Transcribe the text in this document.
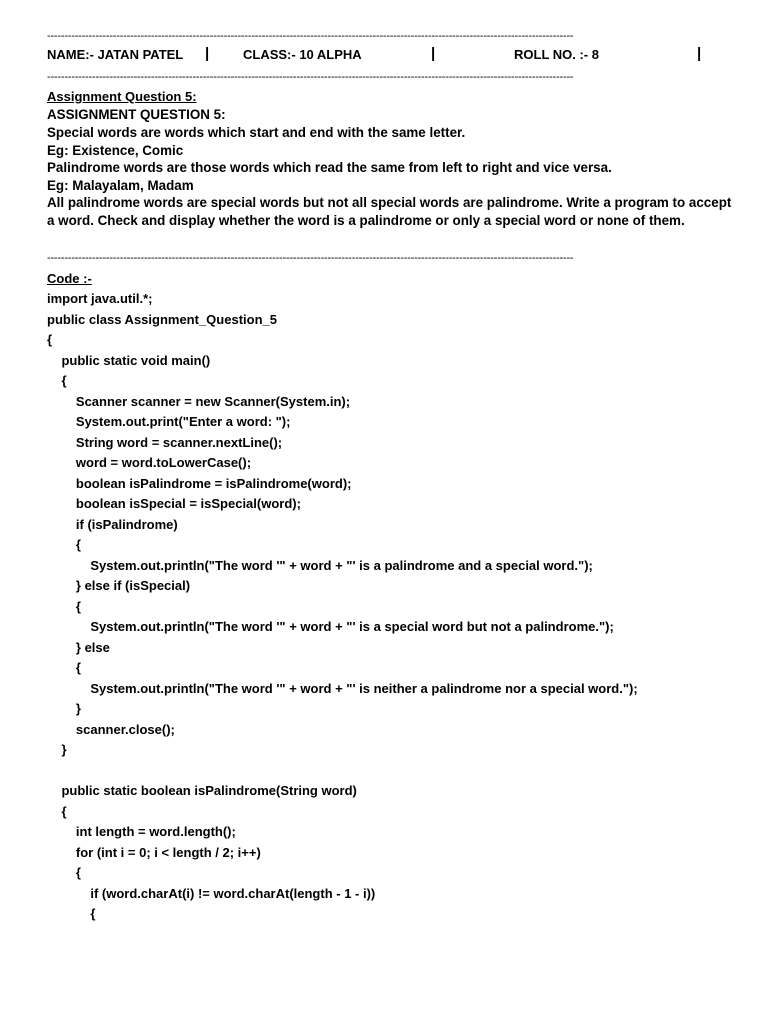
--------------------------------------------------------------------------------------------------------------------------------------------------------
NAME:- JATAN PATEL |	CLASS:- 10 ALPHA	|	ROLL NO. :- 8	|
--------------------------------------------------------------------------------------------------------------------------------------------------------
Assignment Question 5:
ASSIGNMENT QUESTION 5:
Special words are words which start and end with the same letter.
Eg: Existence, Comic
Palindrome words are those words which read the same from left to right and vice versa.
Eg: Malayalam, Madam
All palindrome words are special words but not all special words are palindrome. Write a program to accept a word. Check and display whether the word is a palindrome or only a special word or none of them.
--------------------------------------------------------------------------------------------------------------------------------------------------------
Code :-
import java.util.*;
public class Assignment_Question_5
{
public static void main()
{
Scanner scanner = new Scanner(System.in);
System.out.print("Enter a word: ");
String word = scanner.nextLine();
word = word.toLowerCase();
boolean isPalindrome = isPalindrome(word);
boolean isSpecial = isSpecial(word);
if (isPalindrome)
{
System.out.println("The word '" + word + "' is a palindrome and a special word.");
} else if (isSpecial)
{
System.out.println("The word '" + word + "' is a special word but not a palindrome.");
} else
{
System.out.println("The word '" + word + "' is neither a palindrome nor a special word.");
}
scanner.close();
}
public static boolean isPalindrome(String word)
{
int length = word.length();
for (int i = 0; i < length / 2; i++)
{
if (word.charAt(i) != word.charAt(length - 1 - i))
{
